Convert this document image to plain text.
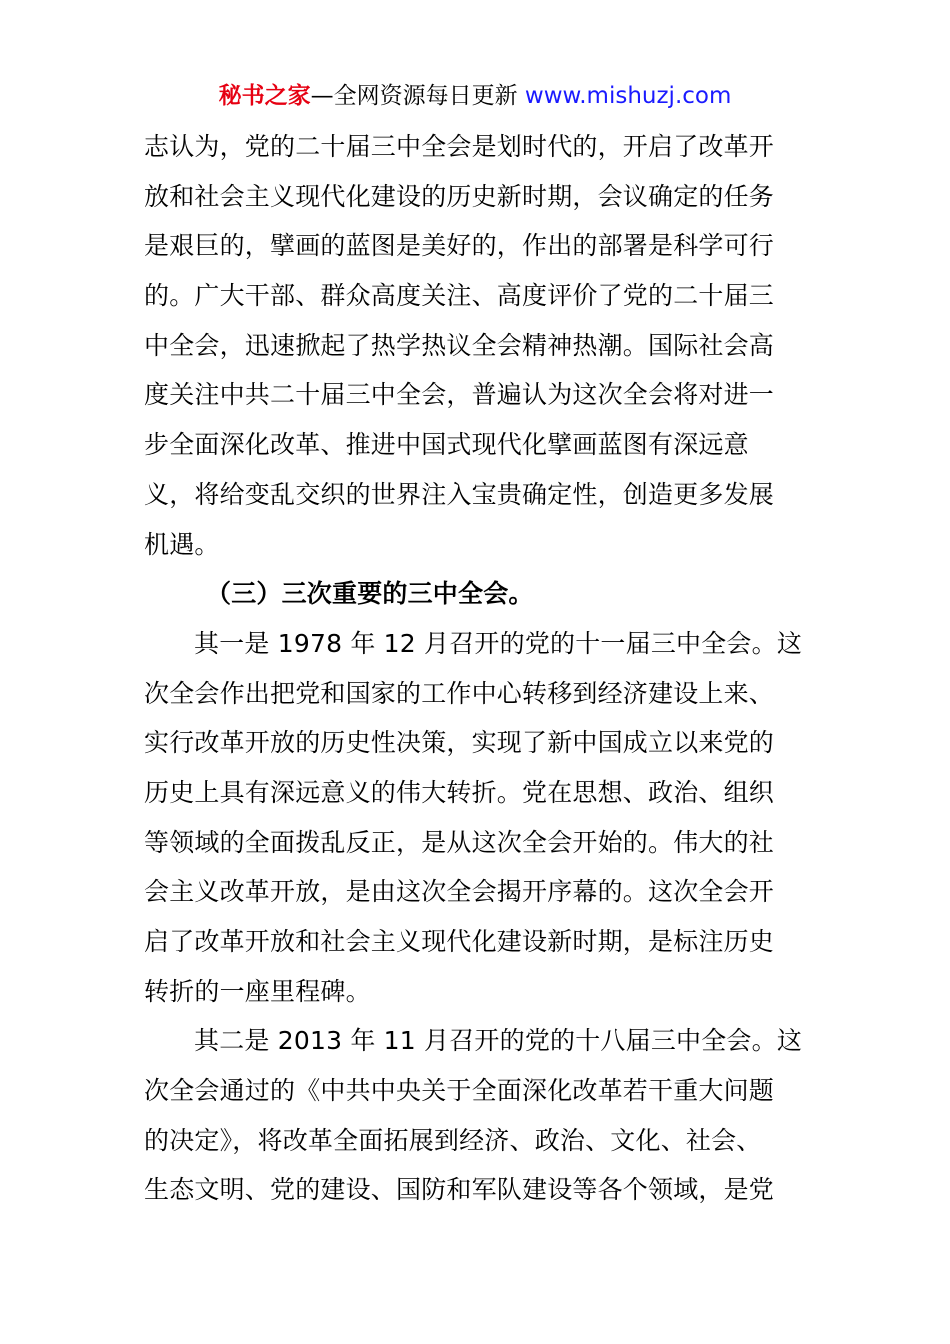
秘书之家—全网资源每日更新 www.mishuzj.com
志认为，党的二十届三中全会是划时代的，开启了改革开
放和社会主义现代化建设的历史新时期，会议确定的任务
是艰巨的，擘画的蓝图是美好的，作出的部署是科学可行
的。广大干部、群众高度关注、高度评价了党的二十届三
中全会，迅速掀起了热学热议全会精神热潮。国际社会高
度关注中共二十届三中全会，普遍认为这次全会将对进一
步全面深化改革、推进中国式现代化擘画蓝图有深远意
义，将给变乱交织的世界注入宝贵确定性，创造更多发展
机遇。
（三）三次重要的三中全会。
其一是 1978 年 12 月召开的党的十一届三中全会。这
次全会作出把党和国家的工作中心转移到经济建设上来、
实行改革开放的历史性决策，实现了新中国成立以来党的
历史上具有深远意义的伟大转折。党在思想、政治、组织
等领域的全面拨乱反正，是从这次全会开始的。伟大的社
会主义改革开放，是由这次全会揭开序幕的。这次全会开
启了改革开放和社会主义现代化建设新时期，是标注历史
转折的一座里程碑。
其二是 2013 年 11 月召开的党的十八届三中全会。这
次全会通过的《中共中央关于全面深化改革若干重大问题
的决定》，将改革全面拓展到经济、政治、文化、社会、
生态文明、党的建设、国防和军队建设等各个领域，是党
